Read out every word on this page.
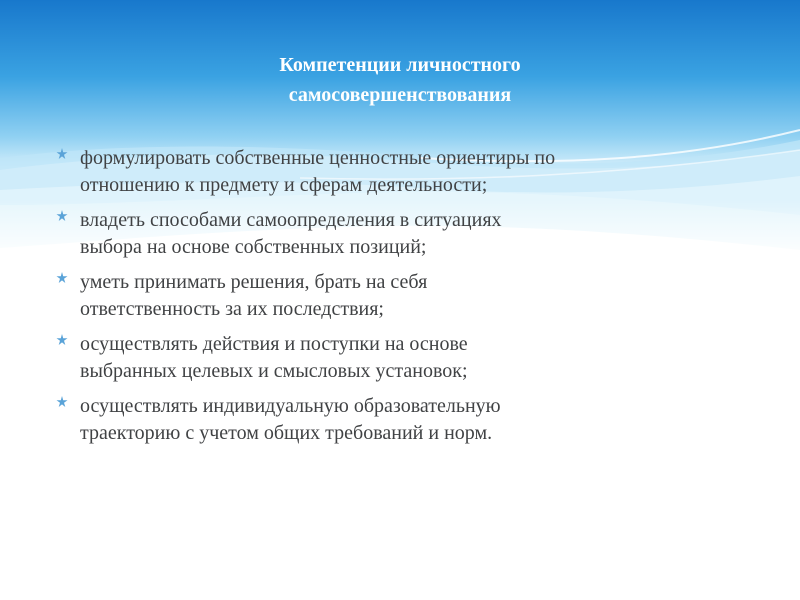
Компетенции личностного
самосовершенствования
формулировать собственные ценностные ориентиры по
отношению к предмету и сферам деятельности;
владеть способами самоопределения в ситуациях
выбора на основе собственных позиций;
уметь принимать решения, брать на себя
ответственность за их последствия;
осуществлять действия и поступки на основе
выбранных целевых и смысловых установок;
осуществлять индивидуальную образовательную
траекторию с учетом общих требований и норм.
